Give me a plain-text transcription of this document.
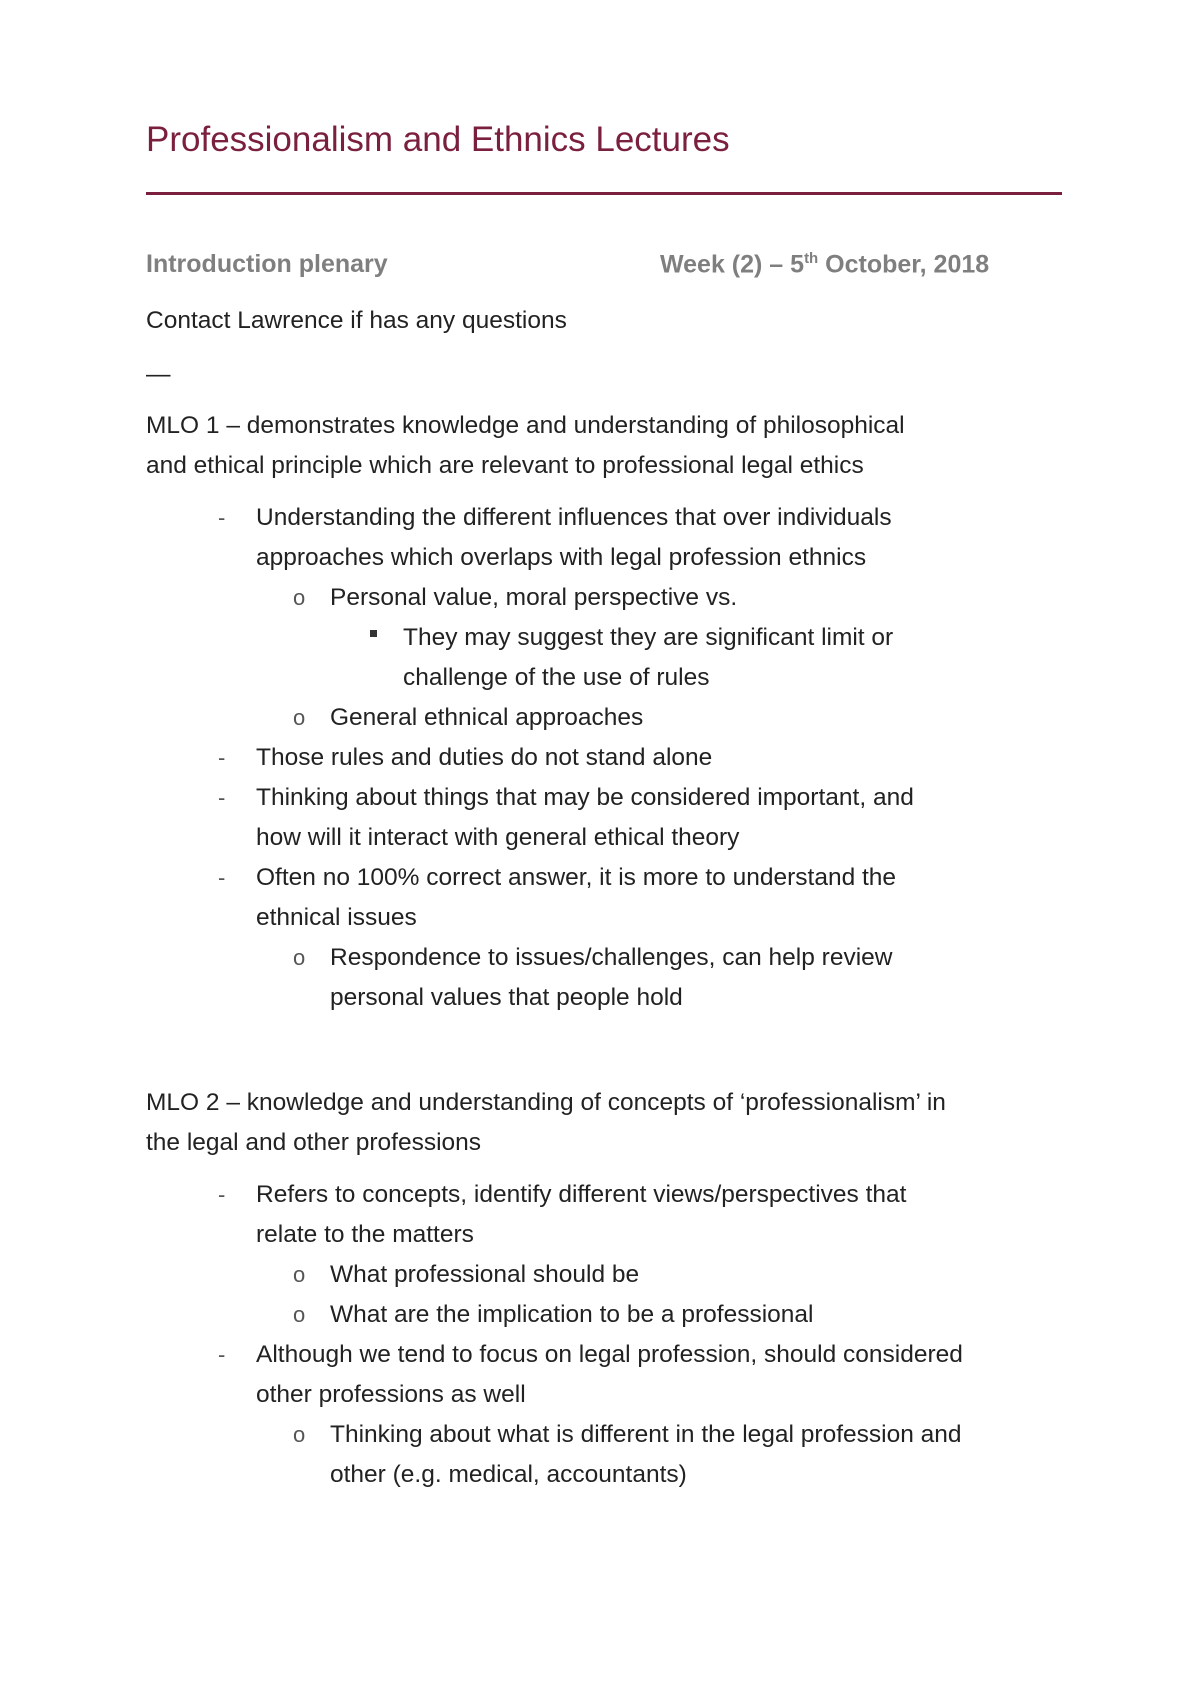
Professionalism and Ethnics Lectures
Introduction plenary	Week (2) – 5th October, 2018
Contact Lawrence if has any questions
—
MLO 1 – demonstrates knowledge and understanding of philosophical
and ethical principle which are relevant to professional legal ethics
- Understanding the different influences that over individuals
approaches which overlaps with legal profession ethnics
o Personal value, moral perspective vs.
They may suggest they are significant limit or
challenge of the use of rules
o General ethnical approaches
- Those rules and duties do not stand alone
- Thinking about things that may be considered important, and
how will it interact with general ethical theory
- Often no 100% correct answer, it is more to understand the
ethnical issues
o Respondence to issues/challenges, can help review
personal values that people hold
MLO 2 – knowledge and understanding of concepts of ‘professionalism’ in
the legal and other professions
- Refers to concepts, identify different views/perspectives that
relate to the matters
o What professional should be
o What are the implication to be a professional
- Although we tend to focus on legal profession, should considered
other professions as well
o Thinking about what is different in the legal profession and
other (e.g. medical, accountants)
